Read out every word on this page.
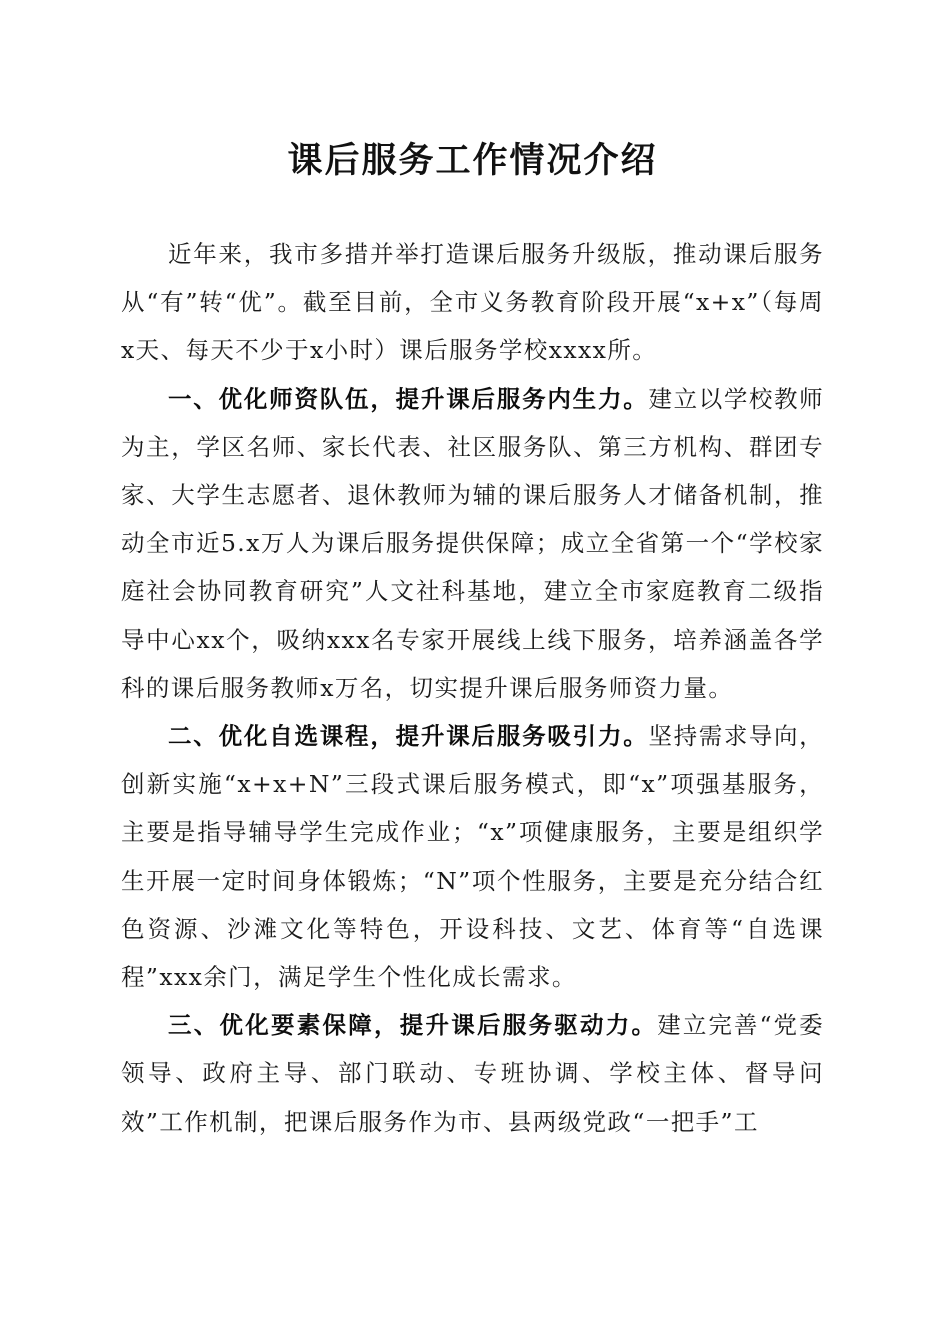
课后服务工作情况介绍

近年来，我市多措并举打造课后服务升级版，推动课后服务从“有”转“优”。截至目前，全市义务教育阶段开展“x+x”（每周x天、每天不少于x小时）课后服务学校xxxx所。

一、优化师资队伍，提升课后服务内生力。建立以学校教师为主，学区名师、家长代表、社区服务队、第三方机构、群团专家、大学生志愿者、退休教师为辅的课后服务人才储备机制，推动全市近5.x万人为课后服务提供保障；成立全省第一个“学校家庭社会协同教育研究”人文社科基地，建立全市家庭教育二级指导中心xx个，吸纳xxx名专家开展线上线下服务，培养涵盖各学科的课后服务教师x万名，切实提升课后服务师资力量。

二、优化自选课程，提升课后服务吸引力。坚持需求导向，创新实施“x+x+N”三段式课后服务模式，即“x”项强基服务，主要是指导辅导学生完成作业；“x”项健康服务，主要是组织学生开展一定时间身体锻炼；“N”项个性服务，主要是充分结合红色资源、沙滩文化等特色，开设科技、文艺、体育等“自选课程”xxx余门，满足学生个性化成长需求。

三、优化要素保障，提升课后服务驱动力。建立完善“党委领导、政府主导、部门联动、专班协调、学校主体、督导问效”工作机制，把课后服务作为市、县两级党政“一把手”工
